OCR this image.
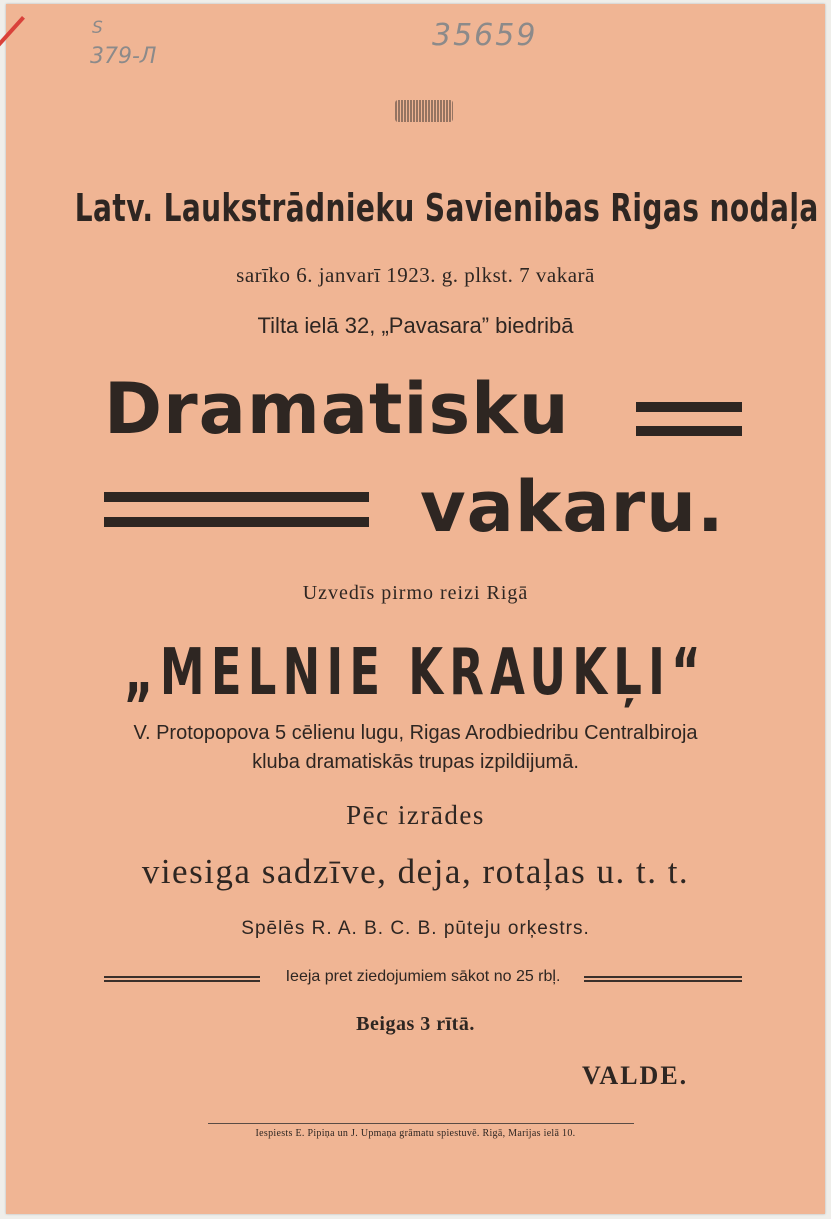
S
379-Л
35659
Latv. Laukstrādnieku Savienibas Rigas nodaļa
sarīko 6. janvarī 1923. g. plkst. 7 vakarā
Tilta ielā 32, „Pavasara” biedribā
Dramatisku
vakaru.
Uzvedīs pirmo reizi Rigā
„MELNIE KRAUKĻI“
V. Protopopova 5 cēlienu lugu, Rigas Arodbiedribu Centralbiroja
kluba dramatiskās trupas izpildijumā.
Pēc izrādes
viesiga sadzīve, deja, rotaļas u. t. t.
Spēlēs R. A. B. C. B. pūteju orķestrs.
Ieeja pret ziedojumiem sākot no 25 rbļ.
Beigas 3 rītā.
VALDE.
Iespiests E. Pipiņa un J. Upmaņa grāmatu spiestuvē. Rigā, Marijas ielā 10.
